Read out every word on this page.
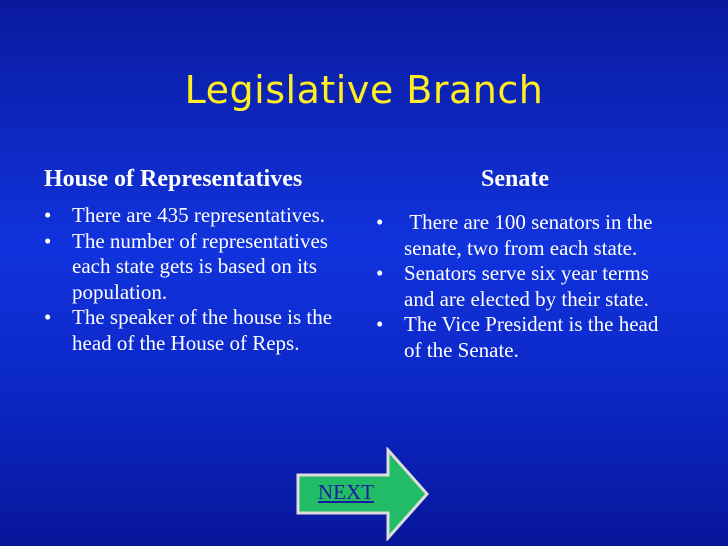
Legislative Branch
House of Representatives	Senate
• There are 435 representatives.
• The number of representatives each state gets is based on its population.
• The speaker of the house is the head of the House of Reps.
•  There are 100 senators in the senate, two from each state.
• Senators serve six year terms and are elected by their state.
• The Vice President is the head of the Senate.
NEXT
